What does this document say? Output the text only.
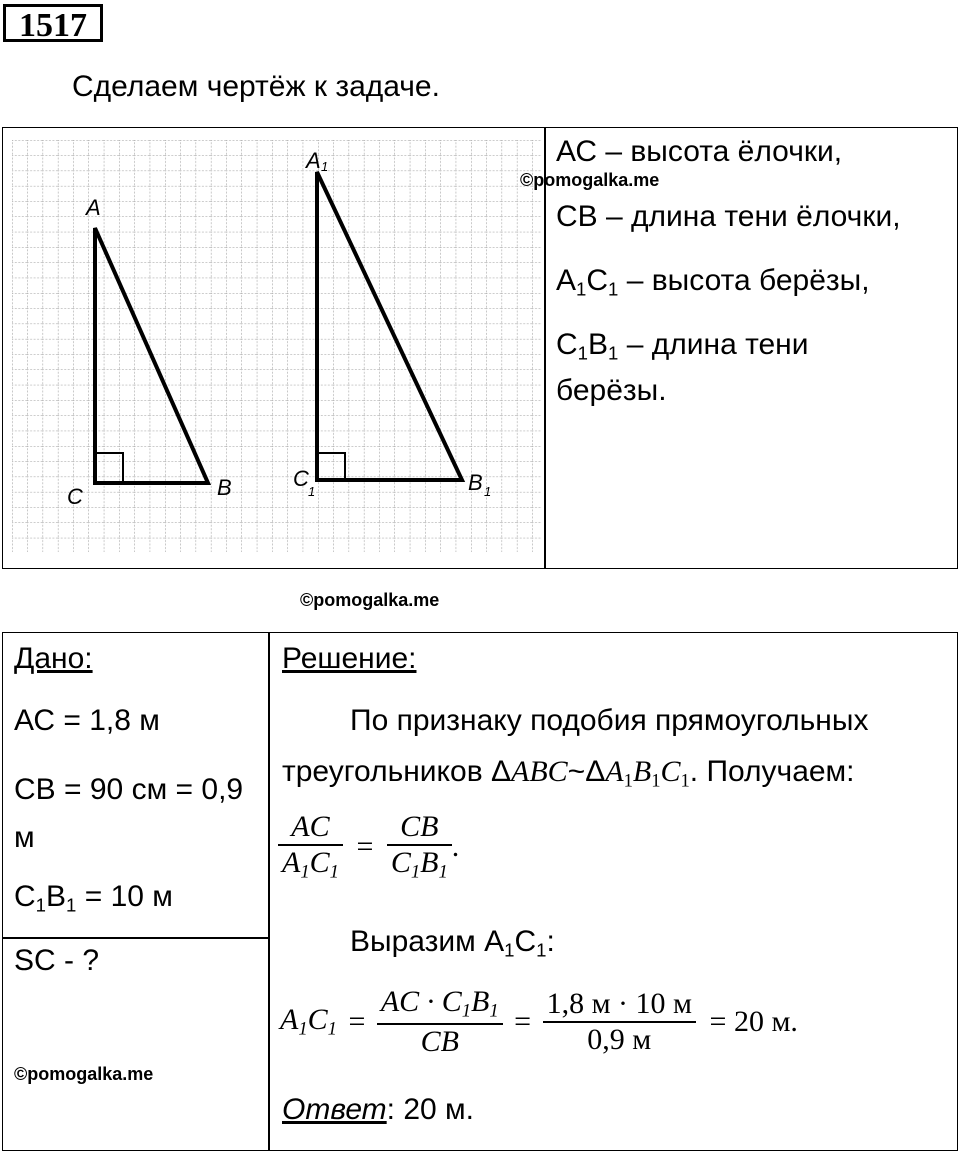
1517
Сделаем чертёж к задаче.
A
B
C
A 1
B 1
C
1
©pomogalka.me
©pomogalka.me
©pomogalka.me
АС – высота ёлочки,
СВ – длина тени ёлочки,
$А_1С_1$ – высота берёзы,
$С_1В_1$ – длина тени
берёзы.
Дано:
АС = 1,8 м
СВ = 90 см = 0,9 м
$С_1В_1 = 10$ м
SC - ?
Решение:
По признаку подобия прямоугольных
треугольников $\Delta ABC\sim\Delta A_1B_1C_1$. Получаем:
$\frac{AC}{A_1C_1} = \frac{CB}{C_1B_1}$ .
Выразим $А_1С_1$:
$A_1C_1 = \frac{AC \cdot C_1B_1}{CB} = \frac{1,8 м \cdot 10 м}{0,9 м} = 20$ м.
Ответ: 20 м.
